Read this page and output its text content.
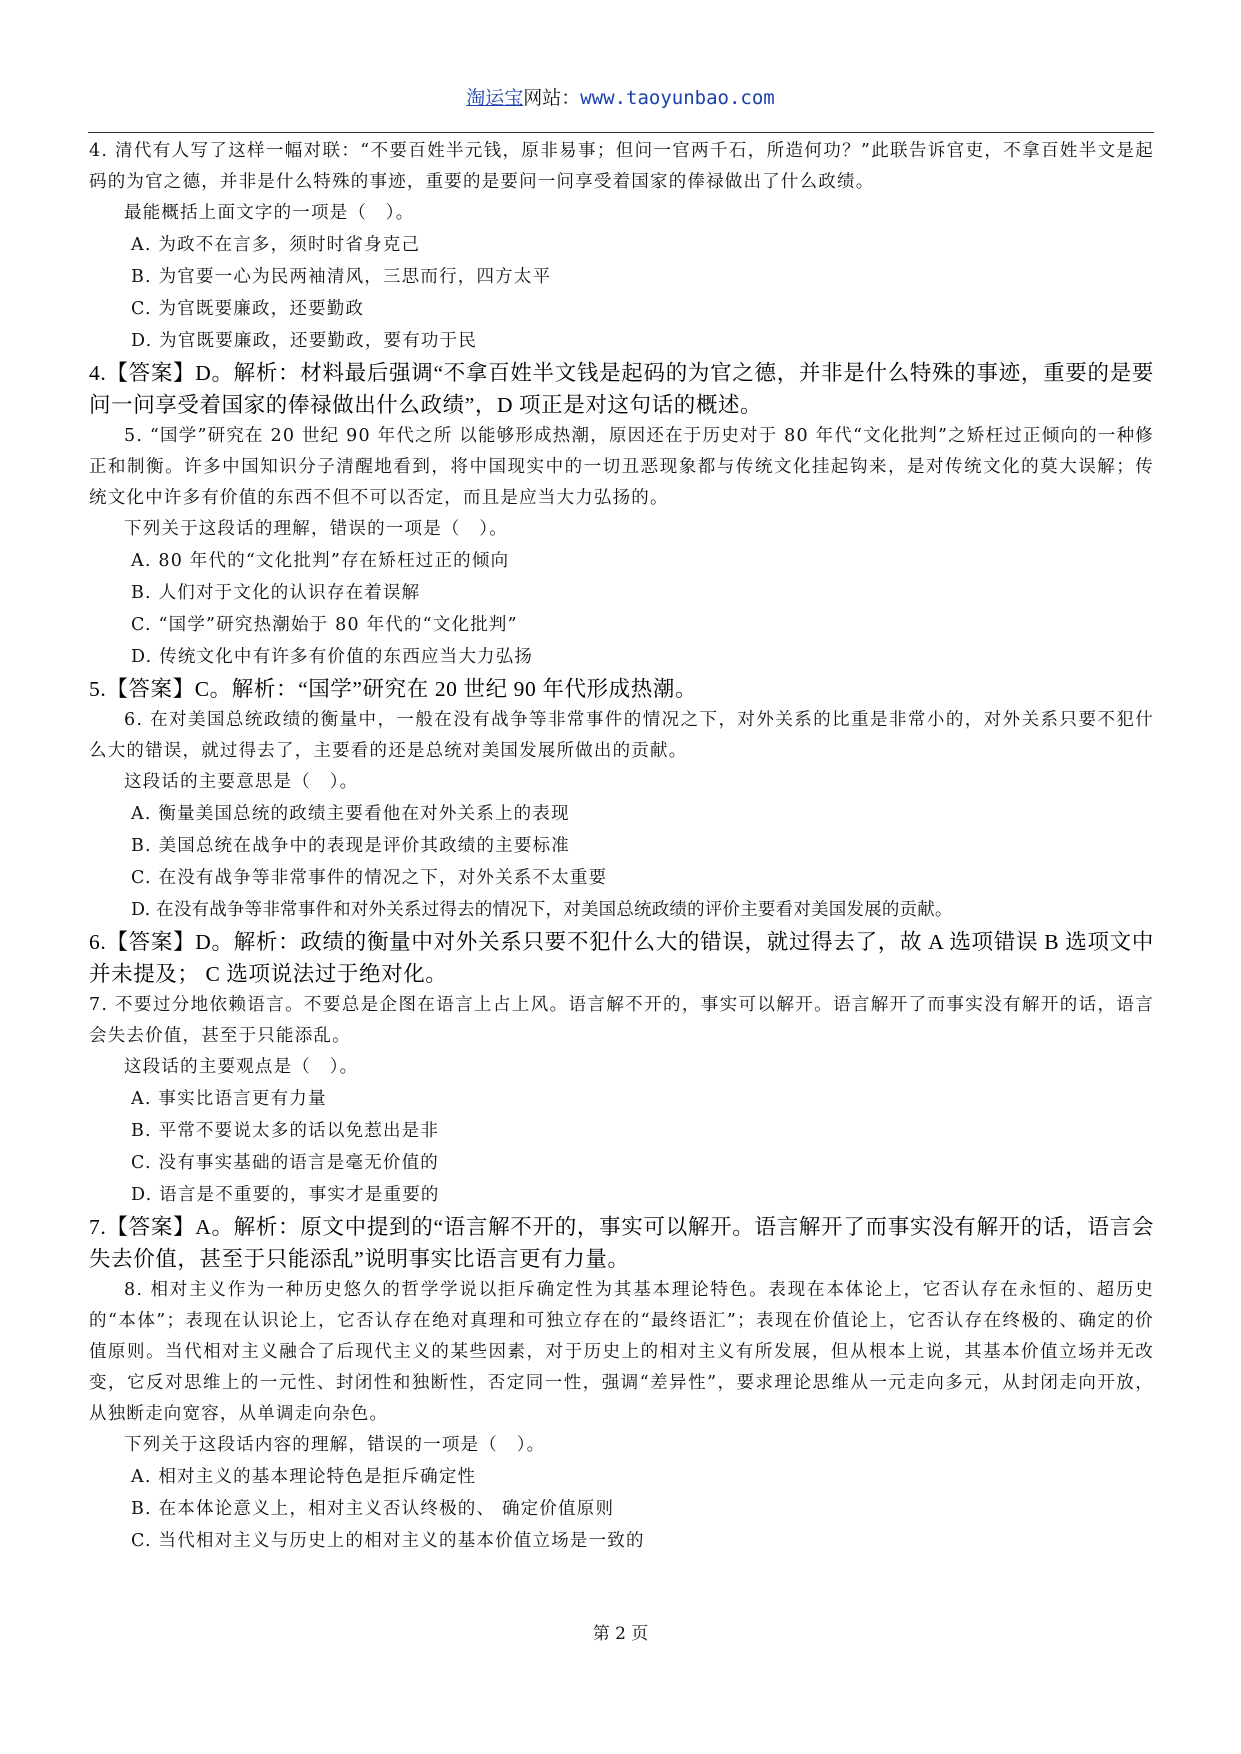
淘运宝网站：www.taoyunbao.com

4. 清代有人写了这样一幅对联：“不要百姓半元钱，原非易事；但问一官两千石，所造何功？”此联告诉官吏，不拿百姓半文是起码的为官之德，并非是什么特殊的事迹，重要的是要问一问享受着国家的俸禄做出了什么政绩。

最能概括上面文字的一项是（　）。

A. 为政不在言多，须时时省身克己

B. 为官要一心为民两袖清风，三思而行，四方太平

C. 为官既要廉政，还要勤政

D. 为官既要廉政，还要勤政，要有功于民

4.【答案】D。解析：材料最后强调“不拿百姓半文钱是起码的为官之德，并非是什么特殊的事迹，重要的是要问一问享受着国家的俸禄做出什么政绩”，D 项正是对这句话的概述。

5. “国学”研究在 20 世纪 90 年代之所 以能够形成热潮，原因还在于历史对于 80 年代“文化批判”之矫枉过正倾向的一种修正和制衡。许多中国知识分子清醒地看到，将中国现实中的一切丑恶现象都与传统文化挂起钩来，是对传统文化的莫大误解；传统文化中许多有价值的东西不但不可以否定，而且是应当大力弘扬的。

下列关于这段话的理解，错误的一项是（　）。

A. 80 年代的“文化批判”存在矫枉过正的倾向

B. 人们对于文化的认识存在着误解

C. “国学”研究热潮始于 80 年代的“文化批判”

D. 传统文化中有许多有价值的东西应当大力弘扬

5.【答案】C。解析：“国学”研究在 20 世纪 90 年代形成热潮。

6. 在对美国总统政绩的衡量中，一般在没有战争等非常事件的情况之下，对外关系的比重是非常小的，对外关系只要不犯什么大的错误，就过得去了，主要看的还是总统对美国发展所做出的贡献。

这段话的主要意思是（　）。

A. 衡量美国总统的政绩主要看他在对外关系上的表现

B. 美国总统在战争中的表现是评价其政绩的主要标准

C. 在没有战争等非常事件的情况之下，对外关系不太重要

D. 在没有战争等非常事件和对外关系过得去的情况下，对美国总统政绩的评价主要看对美国发展的贡献。

6.【答案】D。解析：政绩的衡量中对外关系只要不犯什么大的错误，就过得去了，故 A 选项错误 B 选项文中并未提及； C 选项说法过于绝对化。

7. 不要过分地依赖语言。不要总是企图在语言上占上风。语言解不开的，事实可以解开。语言解开了而事实没有解开的话，语言会失去价值，甚至于只能添乱。

这段话的主要观点是（　）。

A. 事实比语言更有力量

B. 平常不要说太多的话以免惹出是非

C. 没有事实基础的语言是毫无价值的

D. 语言是不重要的，事实才是重要的

7.【答案】A。解析：原文中提到的“语言解不开的，事实可以解开。语言解开了而事实没有解开的话，语言会失去价值，甚至于只能添乱”说明事实比语言更有力量。

8. 相对主义作为一种历史悠久的哲学学说以拒斥确定性为其基本理论特色。表现在本体论上，它否认存在永恒的、超历史的“本体”；表现在认识论上，它否认存在绝对真理和可独立存在的“最终语汇”；表现在价值论上，它否认存在终极的、确定的价值原则。当代相对主义融合了后现代主义的某些因素，对于历史上的相对主义有所发展，但从根本上说，其基本价值立场并无改变，它反对思维上的一元性、封闭性和独断性，否定同一性，强调“差异性”，要求理论思维从一元走向多元，从封闭走向开放，从独断走向宽容，从单调走向杂色。

下列关于这段话内容的理解，错误的一项是（　）。

A. 相对主义的基本理论特色是拒斥确定性

B. 在本体论意义上，相对主义否认终极的、 确定价值原则

C. 当代相对主义与历史上的相对主义的基本价值立场是一致的

第 2 页
